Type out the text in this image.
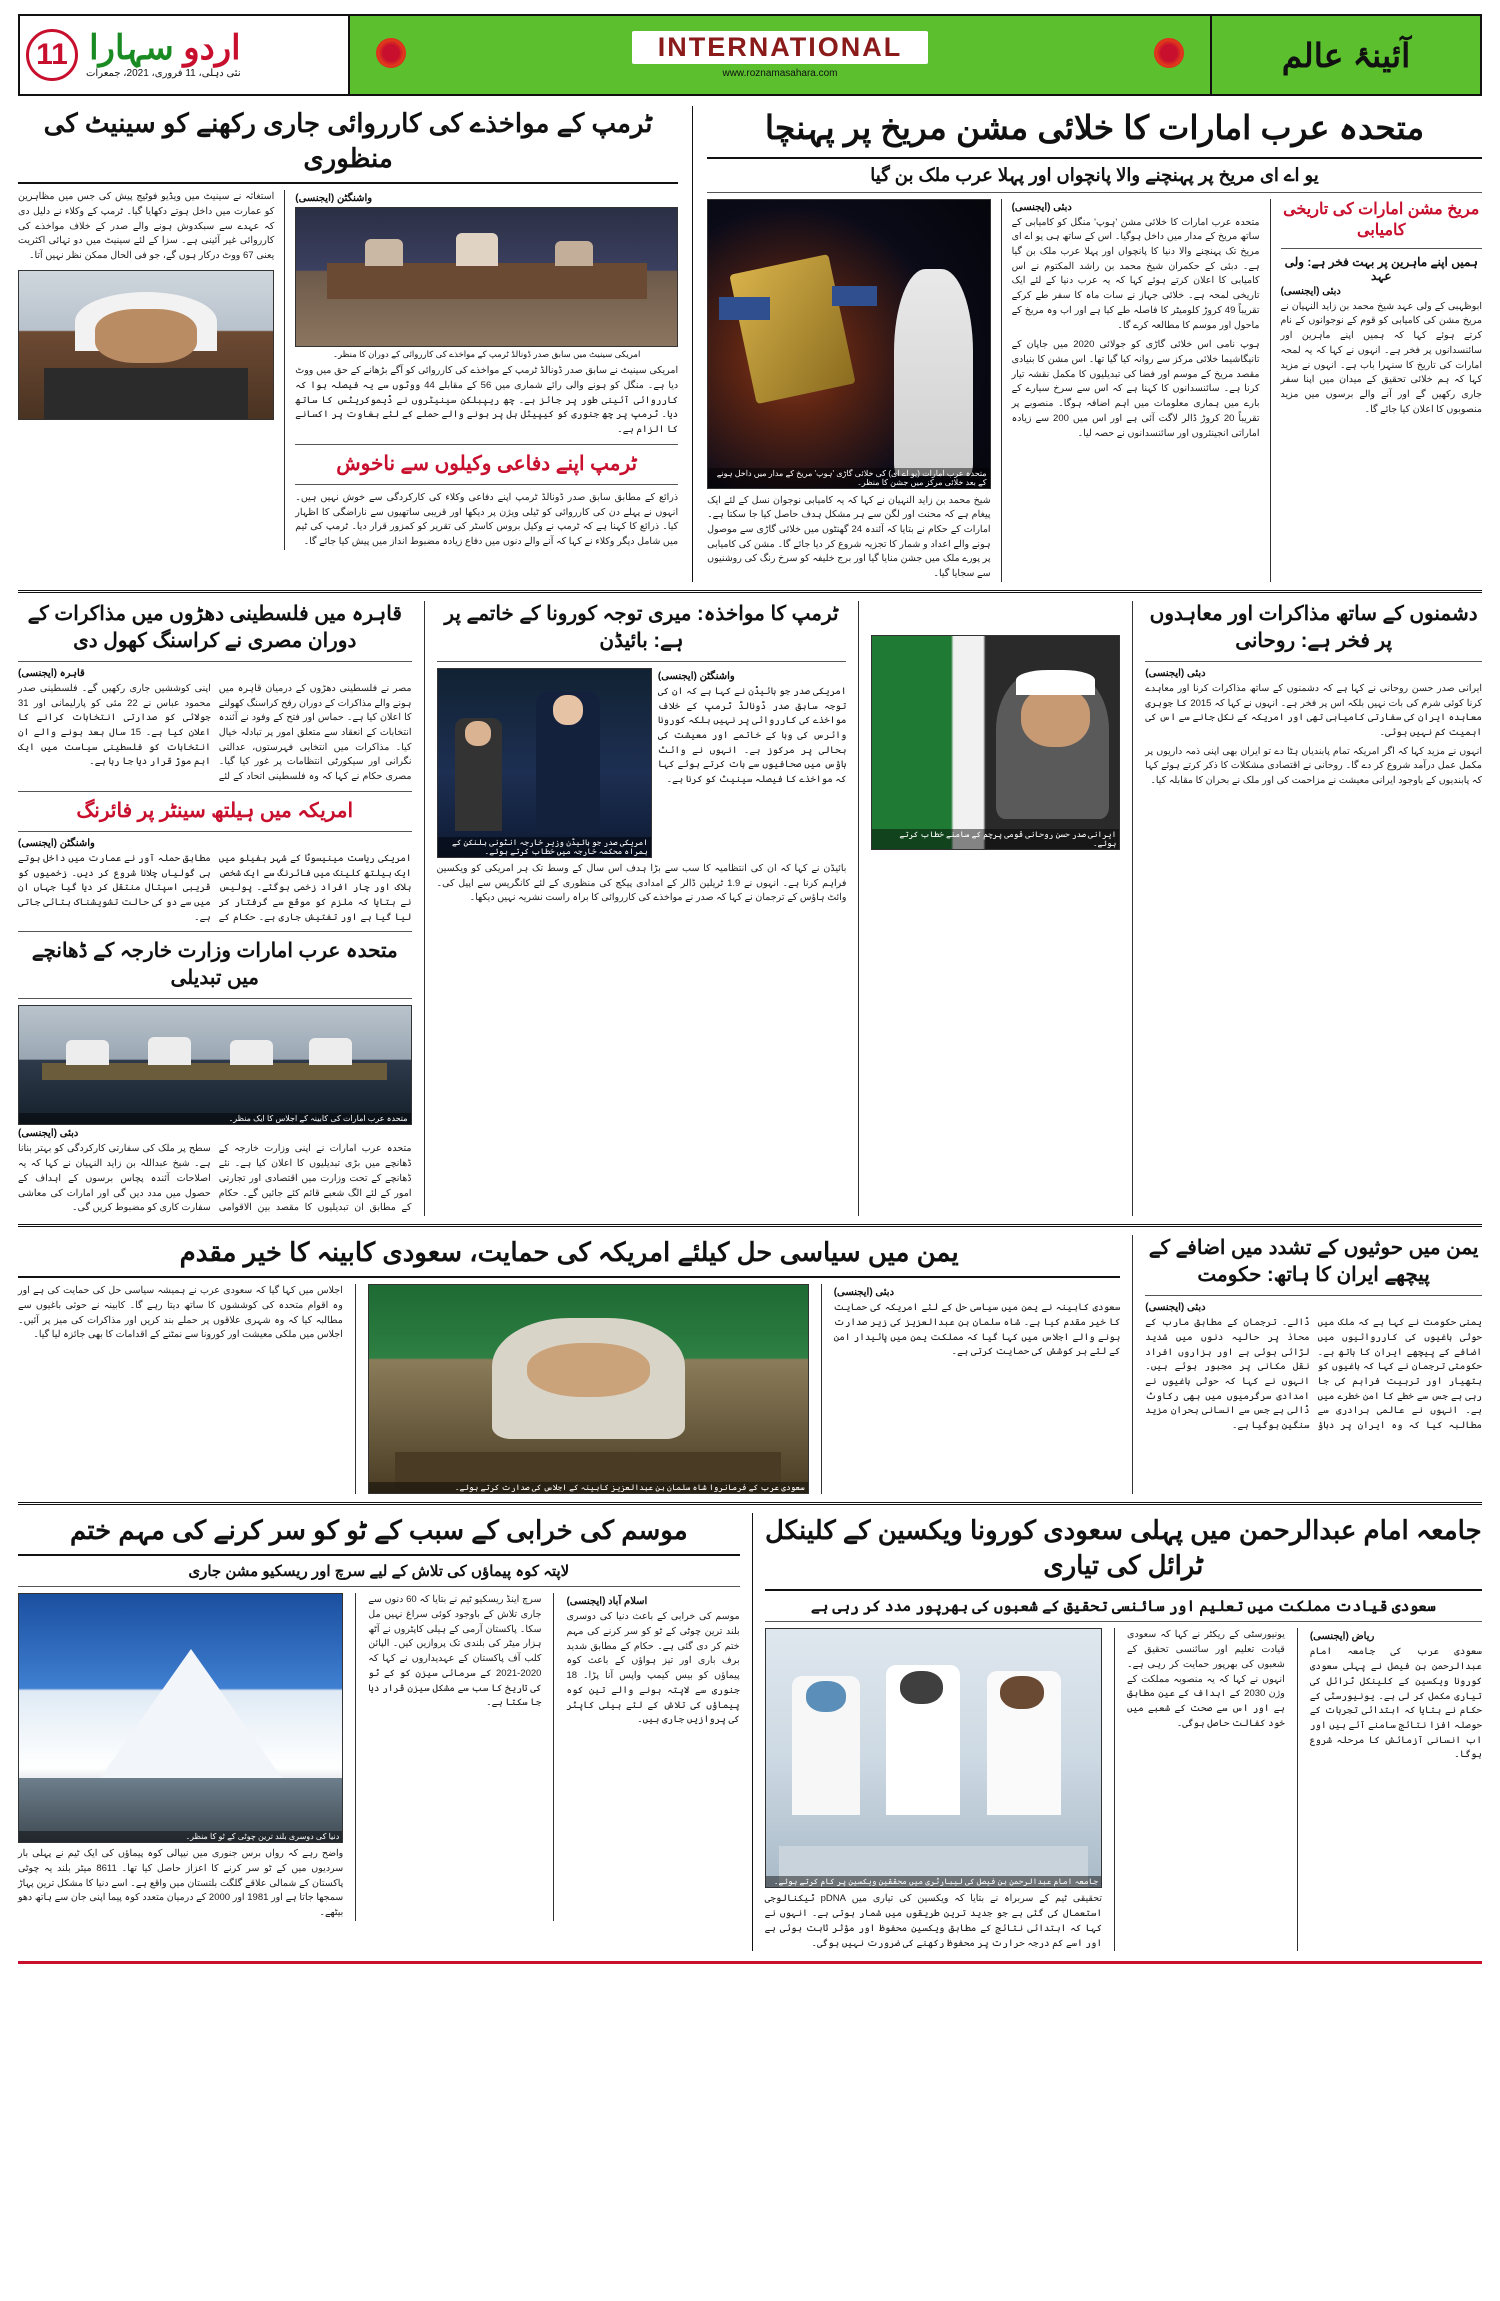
11	اردو سہارا
نئی دہلی، 11 فروری، 2021، جمعرات
INTERNATIONAL
www.roznamasahara.com	آئینۂ عالم
متحدہ عرب امارات کا خلائی مشن مریخ پر پہنچا
یو اے ای مریخ پر پہنچنے والا پانچواں اور پہلا عرب ملک بن گیا
مریخ مشن امارات کی تاریخی کامیابی
ہمیں اپنے ماہرین پر بہت فخر ہے: ولی عہد
دبئی (ایجنسی)
ابوظہبی کے ولی عہد شیخ محمد بن زاید النہیان نے مریخ مشن کی کامیابی کو قوم کے نوجوانوں کے نام کرتے ہوئے کہا کہ ہمیں اپنے ماہرین اور سائنسدانوں پر فخر ہے۔ انہوں نے کہا کہ یہ لمحہ امارات کی تاریخ کا سنہرا باب ہے۔ انہوں نے مزید کہا کہ ہم خلائی تحقیق کے میدان میں اپنا سفر جاری رکھیں گے اور آنے والے برسوں میں مزید منصوبوں کا اعلان کیا جائے گا۔
دبئی (ایجنسی)
متحدہ عرب امارات کا خلائی مشن 'ہوپ' منگل کو کامیابی کے ساتھ مریخ کے مدار میں داخل ہوگیا۔ اس کے ساتھ ہی یو اے ای مریخ تک پہنچنے والا دنیا کا پانچواں اور پہلا عرب ملک بن گیا ہے۔ دبئی کے حکمران شیخ محمد بن راشد المکتوم نے اس کامیابی کا اعلان کرتے ہوئے کہا کہ یہ عرب دنیا کے لئے ایک تاریخی لمحہ ہے۔ خلائی جہاز نے سات ماہ کا سفر طے کرکے تقریباً 49 کروڑ کلومیٹر کا فاصلہ طے کیا ہے اور اب وہ مریخ کے ماحول اور موسم کا مطالعہ کرے گا۔
ہوپ نامی اس خلائی گاڑی کو جولائی 2020 میں جاپان کے تانیگاشیما خلائی مرکز سے روانہ کیا گیا تھا۔ اس مشن کا بنیادی مقصد مریخ کے موسم اور فضا کی تبدیلیوں کا مکمل نقشہ تیار کرنا ہے۔ سائنسدانوں کا کہنا ہے کہ اس سے سرخ سیارے کے بارے میں ہماری معلومات میں اہم اضافہ ہوگا۔ منصوبے پر تقریباً 20 کروڑ ڈالر لاگت آئی ہے اور اس میں 200 سے زیادہ اماراتی انجینئروں اور سائنسدانوں نے حصہ لیا۔
متحدہ عرب امارات (یو اے ای) کی خلائی گاڑی 'ہوپ' مریخ کے مدار میں داخل ہونے کے بعد خلائی مرکز میں جشن کا منظر۔
شیخ محمد بن زاید النہیان نے کہا کہ یہ کامیابی نوجوان نسل کے لئے ایک پیغام ہے کہ محنت اور لگن سے ہر مشکل ہدف حاصل کیا جا سکتا ہے۔ امارات کے حکام نے بتایا کہ آئندہ 24 گھنٹوں میں خلائی گاڑی سے موصول ہونے والے اعداد و شمار کا تجزیہ شروع کر دیا جائے گا۔ مشن کی کامیابی پر پورے ملک میں جشن منایا گیا اور برج خلیفہ کو سرخ رنگ کی روشنیوں سے سجایا گیا۔
ٹرمپ کے مواخذے کی کارروائی جاری رکھنے کو سینیٹ کی منظوری
واشنگٹن (ایجنسی)
امریکی سینیٹ میں سابق صدر ڈونالڈ ٹرمپ کے مواخذے کی کارروائی کے دوران کا منظر۔
امریکی سینیٹ نے سابق صدر ڈونالڈ ٹرمپ کے مواخذے کی کارروائی کو آگے بڑھانے کے حق میں ووٹ دیا ہے۔ منگل کو ہونے والی رائے شماری میں 56 کے مقابلے 44 ووٹوں سے یہ فیصلہ ہوا کہ کارروائی آئینی طور پر جائز ہے۔ چھ ریپبلکن سینیٹروں نے ڈیموکریٹس کا ساتھ دیا۔ ٹرمپ پر چھ جنوری کو کیپیٹل ہل پر ہونے والے حملے کے لئے بغاوت پر اکسانے کا الزام ہے۔
ٹرمپ اپنے دفاعی وکیلوں سے ناخوش
ذرائع کے مطابق سابق صدر ڈونالڈ ٹرمپ اپنے دفاعی وکلاء کی کارکردگی سے خوش نہیں ہیں۔ انہوں نے پہلے دن کی کارروائی کو ٹیلی ویژن پر دیکھا اور قریبی ساتھیوں سے ناراضگی کا اظہار کیا۔ ذرائع کا کہنا ہے کہ ٹرمپ نے وکیل بروس کاسٹر کی تقریر کو کمزور قرار دیا۔ ٹرمپ کی ٹیم میں شامل دیگر وکلاء نے کہا کہ آنے والے دنوں میں دفاع زیادہ مضبوط انداز میں پیش کیا جائے گا۔
استغاثہ نے سینیٹ میں ویڈیو فوٹیج پیش کی جس میں مظاہرین کو عمارت میں داخل ہوتے دکھایا گیا۔ ٹرمپ کے وکلاء نے دلیل دی کہ عہدے سے سبکدوش ہونے والے صدر کے خلاف مواخذے کی کارروائی غیر آئینی ہے۔ سزا کے لئے سینیٹ میں دو تہائی اکثریت یعنی 67 ووٹ درکار ہوں گے، جو فی الحال ممکن نظر نہیں آتا۔
دشمنوں کے ساتھ مذاکرات اور معاہدوں پر فخر ہے: روحانی
دبئی (ایجنسی)
ایرانی صدر حسن روحانی نے کہا ہے کہ دشمنوں کے ساتھ مذاکرات کرنا اور معاہدے کرنا کوئی شرم کی بات نہیں بلکہ اس پر فخر ہے۔ انہوں نے کہا کہ 2015 کا جوہری معاہدہ ایران کی سفارتی کامیابی تھی اور امریکہ کے نکل جانے سے اس کی اہمیت کم نہیں ہوئی۔
انہوں نے مزید کہا کہ اگر امریکہ تمام پابندیاں ہٹا دے تو ایران بھی اپنی ذمہ داریوں پر مکمل عمل درآمد شروع کر دے گا۔ روحانی نے اقتصادی مشکلات کا ذکر کرتے ہوئے کہا کہ پابندیوں کے باوجود ایرانی معیشت نے مزاحمت کی اور ملک نے بحران کا مقابلہ کیا۔
ایرانی صدر حسن روحانی قومی پرچم کے سامنے خطاب کرتے ہوئے۔
ٹرمپ کا مواخذہ: میری توجہ کورونا کے خاتمے پر ہے: بائیڈن
واشنگٹن (ایجنسی)
امریکی صدر جو بائیڈن نے کہا ہے کہ ان کی توجہ سابق صدر ڈونالڈ ٹرمپ کے خلاف مواخذے کی کارروائی پر نہیں بلکہ کورونا وائرس کی وبا کے خاتمے اور معیشت کی بحالی پر مرکوز ہے۔ انہوں نے وائٹ ہاؤس میں صحافیوں سے بات کرتے ہوئے کہا کہ مواخذے کا فیصلہ سینیٹ کو کرنا ہے۔
امریکی صدر جو بائیڈن وزیر خارجہ انٹونی بلنکن کے ہمراہ محکمہ خارجہ میں خطاب کرتے ہوئے۔
بائیڈن نے کہا کہ ان کی انتظامیہ کا سب سے بڑا ہدف اس سال کے وسط تک ہر امریکی کو ویکسین فراہم کرنا ہے۔ انہوں نے 1.9 ٹریلین ڈالر کے امدادی پیکج کی منظوری کے لئے کانگریس سے اپیل کی۔ وائٹ ہاؤس کے ترجمان نے کہا کہ صدر نے مواخذے کی کارروائی کا براہ راست نشریہ نہیں دیکھا۔
قاہرہ میں فلسطینی دھڑوں میں مذاکرات کے دوران مصری نے کراسنگ کھول دی
قاہرہ (ایجنسی)
مصر نے فلسطینی دھڑوں کے درمیان قاہرہ میں ہونے والے مذاکرات کے دوران رفح کراسنگ کھولنے کا اعلان کیا ہے۔ حماس اور فتح کے وفود نے آئندہ انتخابات کے انعقاد سے متعلق امور پر تبادلہ خیال کیا۔ مذاکرات میں انتخابی فہرستوں، عدالتی نگرانی اور سیکورٹی انتظامات پر غور کیا گیا۔ مصری حکام نے کہا کہ وہ فلسطینی اتحاد کے لئے اپنی کوششیں جاری رکھیں گے۔ فلسطینی صدر محمود عباس نے 22 مئی کو پارلیمانی اور 31 جولائی کو صدارتی انتخابات کرانے کا اعلان کیا ہے۔ 15 سال بعد ہونے والے ان انتخابات کو فلسطینی سیاست میں ایک اہم موڑ قرار دیا جا رہا ہے۔
امریکہ میں ہیلتھ سینٹر پر فائرنگ
واشنگٹن (ایجنسی)
امریکی ریاست مینیسوٹا کے شہر بفیلو میں ایک ہیلتھ کلینک میں فائرنگ سے ایک شخص ہلاک اور چار افراد زخمی ہوگئے۔ پولیس نے بتایا کہ ملزم کو موقع سے گرفتار کر لیا گیا ہے اور تفتیش جاری ہے۔ حکام کے مطابق حملہ آور نے عمارت میں داخل ہوتے ہی گولیاں چلانا شروع کر دیں۔ زخمیوں کو قریبی اسپتال منتقل کر دیا گیا جہاں ان میں سے دو کی حالت تشویشناک بتائی جاتی ہے۔
متحدہ عرب امارات وزارت خارجہ کے ڈھانچے میں تبدیلی
متحدہ عرب امارات کی کابینہ کے اجلاس کا ایک منظر۔
دبئی (ایجنسی)
متحدہ عرب امارات نے اپنی وزارت خارجہ کے ڈھانچے میں بڑی تبدیلیوں کا اعلان کیا ہے۔ نئے ڈھانچے کے تحت وزارت میں اقتصادی اور تجارتی امور کے لئے الگ شعبے قائم کئے جائیں گے۔ حکام کے مطابق ان تبدیلیوں کا مقصد بین الاقوامی سطح پر ملک کی سفارتی کارکردگی کو بہتر بنانا ہے۔ شیخ عبداللہ بن زاید النہیان نے کہا کہ یہ اصلاحات آئندہ پچاس برسوں کے اہداف کے حصول میں مدد دیں گی اور امارات کی معاشی سفارت کاری کو مضبوط کریں گی۔
یمن میں حوثیوں کے تشدد میں اضافے کے پیچھے ایران کا ہاتھ: حکومت
دبئی (ایجنسی)
یمنی حکومت نے کہا ہے کہ ملک میں حوثی باغیوں کی کارروائیوں میں اضافے کے پیچھے ایران کا ہاتھ ہے۔ حکومتی ترجمان نے کہا کہ باغیوں کو ہتھیار اور تربیت فراہم کی جا رہی ہے جس سے خطے کا امن خطرے میں ہے۔ انہوں نے عالمی برادری سے مطالبہ کیا کہ وہ ایران پر دباؤ ڈالے۔ ترجمان کے مطابق مارب کے محاذ پر حالیہ دنوں میں شدید لڑائی ہوئی ہے اور ہزاروں افراد نقل مکانی پر مجبور ہوئے ہیں۔ انہوں نے کہا کہ حوثی باغیوں نے امدادی سرگرمیوں میں بھی رکاوٹ ڈالی ہے جس سے انسانی بحران مزید سنگین ہوگیا ہے۔
یمن میں سیاسی حل کیلئے امریکہ کی حمایت، سعودی کابینہ کا خیر مقدم
دبئی (ایجنسی)
سعودی کابینہ نے یمن میں سیاسی حل کے لئے امریکہ کی حمایت کا خیر مقدم کیا ہے۔ شاہ سلمان بن عبدالعزیز کی زیر صدارت ہونے والے اجلاس میں کہا گیا کہ مملکت یمن میں پائیدار امن کے لئے ہر کوشش کی حمایت کرتی ہے۔
سعودی عرب کے فرمانروا شاہ سلمان بن عبدالعزیز کابینہ کے اجلاس کی صدارت کرتے ہوئے۔
اجلاس میں کہا گیا کہ سعودی عرب نے ہمیشہ سیاسی حل کی حمایت کی ہے اور وہ اقوام متحدہ کی کوششوں کا ساتھ دیتا رہے گا۔ کابینہ نے حوثی باغیوں سے مطالبہ کیا کہ وہ شہری علاقوں پر حملے بند کریں اور مذاکرات کی میز پر آئیں۔ اجلاس میں ملکی معیشت اور کورونا سے نمٹنے کے اقدامات کا بھی جائزہ لیا گیا۔
جامعہ امام عبدالرحمن میں پہلی سعودی کورونا ویکسین کے کلینکل ٹرائل کی تیاری
سعودی قیادت مملکت میں تعلیم اور سائنسی تحقیق کے شعبوں کی بھرپور مدد کر رہی ہے
ریاض (ایجنسی)
سعودی عرب کی جامعہ امام عبدالرحمن بن فیصل نے پہلی سعودی کورونا ویکسین کے کلینکل ٹرائل کی تیاری مکمل کر لی ہے۔ یونیورسٹی کے حکام نے بتایا کہ ابتدائی تجربات کے حوصلہ افزا نتائج سامنے آئے ہیں اور اب انسانی آزمائش کا مرحلہ شروع ہوگا۔
یونیورسٹی کے ریکٹر نے کہا کہ سعودی قیادت تعلیم اور سائنسی تحقیق کے شعبوں کی بھرپور حمایت کر رہی ہے۔ انہوں نے کہا کہ یہ منصوبہ مملکت کے وژن 2030 کے اہداف کے عین مطابق ہے اور اس سے صحت کے شعبے میں خود کفالت حاصل ہوگی۔
جامعہ امام عبدالرحمن بن فیصل کی لیبارٹری میں محققین ویکسین پر کام کرتے ہوئے۔
تحقیقی ٹیم کے سربراہ نے بتایا کہ ویکسین کی تیاری میں pDNA ٹیکنالوجی استعمال کی گئی ہے جو جدید ترین طریقوں میں شمار ہوتی ہے۔ انہوں نے کہا کہ ابتدائی نتائج کے مطابق ویکسین محفوظ اور مؤثر ثابت ہوئی ہے اور اسے کم درجہ حرارت پر محفوظ رکھنے کی ضرورت نہیں ہوگی۔
موسم کی خرابی کے سبب کے ٹو کو سر کرنے کی مہم ختم
لاپتہ کوہ پیماؤں کی تلاش کے لیے سرچ اور ریسکیو مشن جاری
اسلام آباد (ایجنسی)
موسم کی خرابی کے باعث دنیا کی دوسری بلند ترین چوٹی کے ٹو کو سر کرنے کی مہم ختم کر دی گئی ہے۔ حکام کے مطابق شدید برف باری اور تیز ہواؤں کے باعث کوہ پیماؤں کو بیس کیمپ واپس آنا پڑا۔ 18 جنوری سے لاپتہ ہونے والے تین کوہ پیماؤں کی تلاش کے لئے ہیلی کاپٹر کی پروازیں جاری ہیں۔
سرچ اینڈ ریسکیو ٹیم نے بتایا کہ 60 دنوں سے جاری تلاش کے باوجود کوئی سراغ نہیں مل سکا۔ پاکستان آرمی کے ہیلی کاپٹروں نے آٹھ ہزار میٹر کی بلندی تک پروازیں کیں۔ الپائن کلب آف پاکستان کے عہدیداروں نے کہا کہ 2020-2021 کے سرمائی سیزن کو کے ٹو کی تاریخ کا سب سے مشکل سیزن قرار دیا جا سکتا ہے۔
دنیا کی دوسری بلند ترین چوٹی کے ٹو کا منظر۔
واضح رہے کہ رواں برس جنوری میں نیپالی کوہ پیماؤں کی ایک ٹیم نے پہلی بار سردیوں میں کے ٹو سر کرنے کا اعزاز حاصل کیا تھا۔ 8611 میٹر بلند یہ چوٹی پاکستان کے شمالی علاقے گلگت بلتستان میں واقع ہے۔ اسے دنیا کا مشکل ترین پہاڑ سمجھا جاتا ہے اور 1981 اور 2000 کے درمیان متعدد کوہ پیما اپنی جان سے ہاتھ دھو بیٹھے۔
